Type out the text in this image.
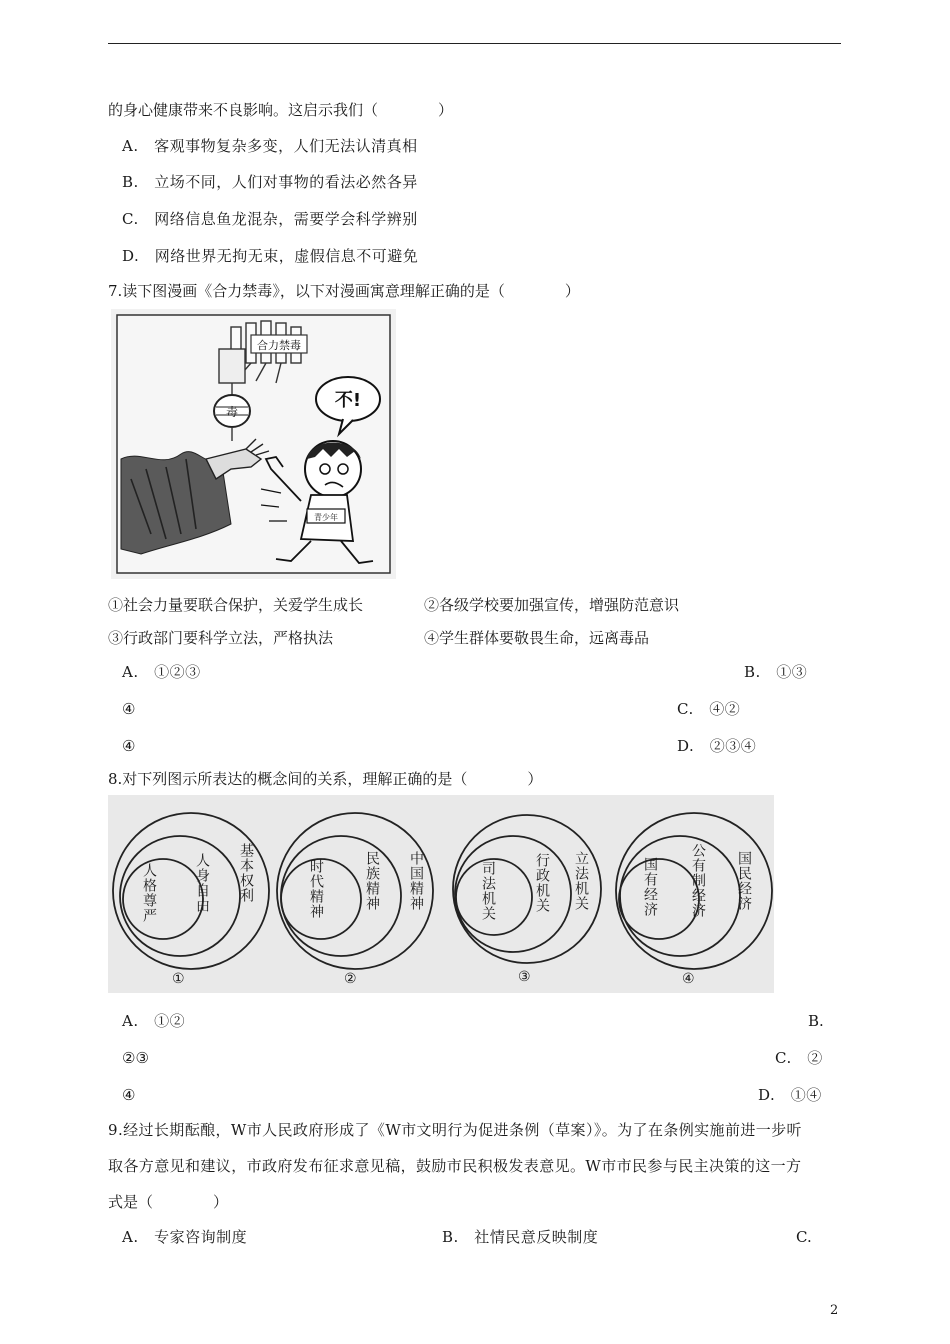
的身心健康带来不良影响。这启示我们（　　　　）
A.　客观事物复杂多变，人们无法认清真相
B.　立场不同，人们对事物的看法必然各异
C.　网络信息鱼龙混杂，需要学会科学辨别
D.　网络世界无拘无束，虚假信息不可避免
7.读下图漫画《合力禁毒》，以下对漫画寓意理解正确的是（　　　　）
合力禁毒
毒
不!
青少年
①社会力量要联合保护，关爱学生成长	②各级学校要加强宣传，增强防范意识
③行政部门要科学立法，严格执法	④学生群体要敬畏生命，远离毒品
A.　①②③	B.　①③
④	C.　④②
④	D.　②③④
8.对下列图示所表达的概念间的关系，理解正确的是（　　　　）
基本权利
人身自由
人格尊严
①
中国精神
民族精神
时代精神
②
立法机关
行政机关
司法机关
③
国民经济
公有制经济
国有经济
④
A.　①②	B.
②③	C.　②
④	D.　①④
9.经过长期酝酿，W市人民政府形成了《W市文明行为促进条例（草案）》。为了在条例实施前进一步听
取各方意见和建议，市政府发布征求意见稿，鼓励市民积极发表意见。W市市民参与民主决策的这一方
式是（　　　　）
A.　专家咨询制度	B.　社情民意反映制度	C.
2
